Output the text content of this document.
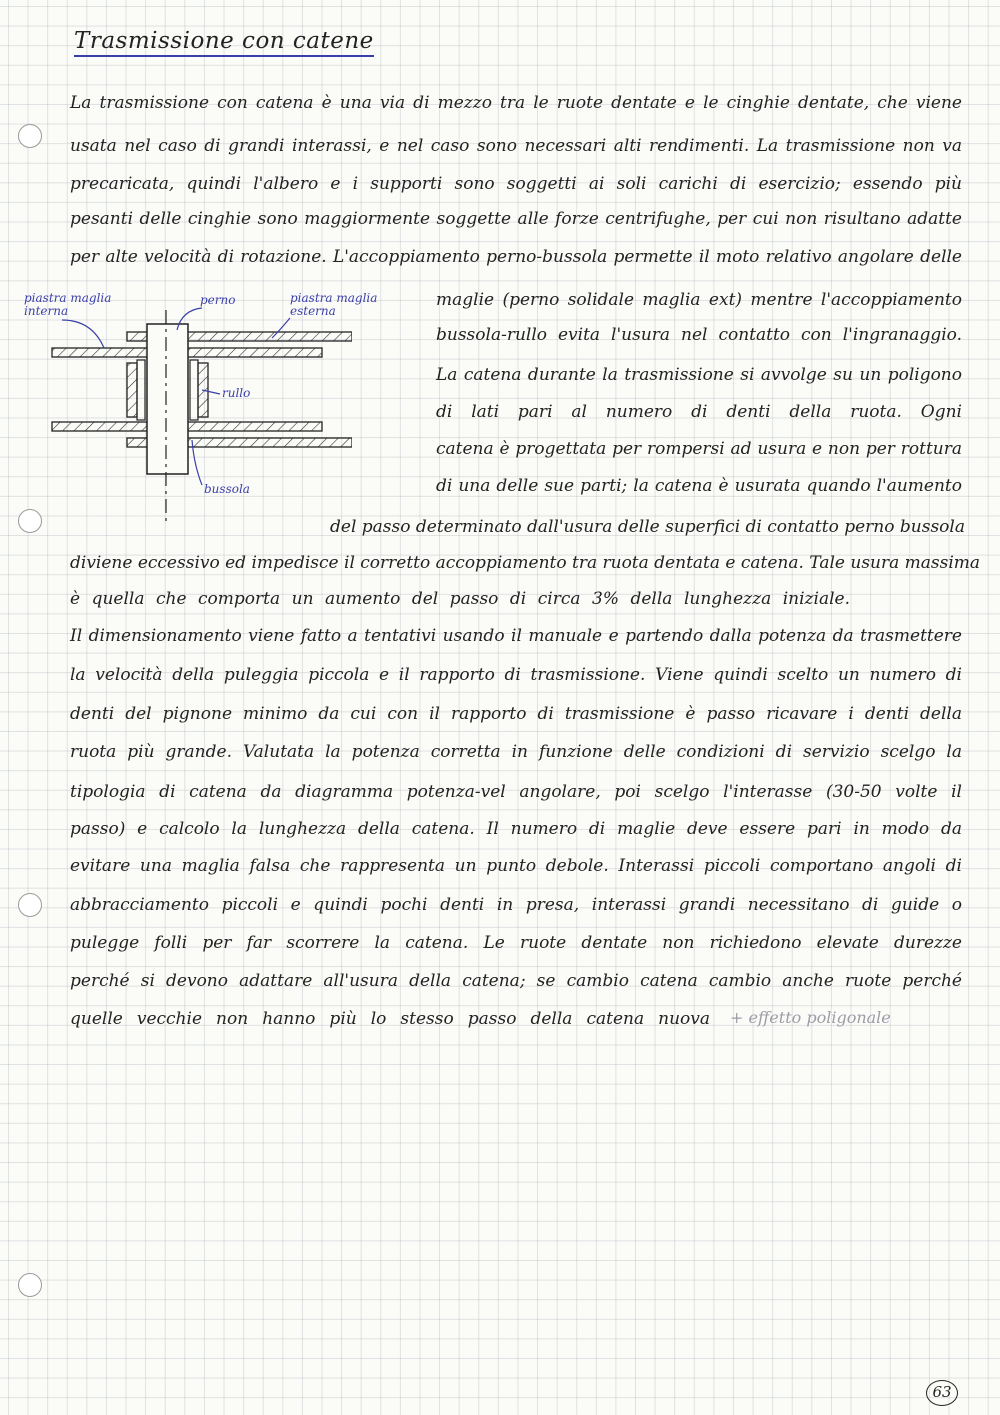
Trasmissione con catene
La trasmissione con catena è una via di mezzo tra le ruote dentate e le cinghie dentate, che viene
usata nel caso di grandi interassi, e nel caso sono necessari alti rendimenti. La trasmissione non va
precaricata, quindi l'albero e i supporti sono soggetti ai soli carichi di esercizio; essendo più
pesanti delle cinghie sono maggiormente soggette alle forze centrifughe, per cui non risultano adatte
per alte velocità di rotazione. L'accoppiamento perno-bussola permette il moto relativo angolare delle
piastra maglia
interna
perno	piastra maglia
esterna
rullo
bussola
maglie (perno solidale maglia ext) mentre l'accoppiamento
bussola-rullo evita l'usura nel contatto con l'ingranaggio.
La catena durante la trasmissione si avvolge su un poligono
di lati pari al numero di denti della ruota. Ogni
catena è progettata per rompersi ad usura e non per rottura
di una delle sue parti; la catena è usurata quando l'aumento
del passo determinato dall'usura delle superfici di contatto perno bussola
diviene eccessivo ed impedisce il corretto accoppiamento tra ruota dentata e catena. Tale usura massima
è quella che comporta un aumento del passo di circa 3% della lunghezza iniziale.
Il dimensionamento viene fatto a tentativi usando il manuale e partendo dalla potenza da trasmettere
la velocità della puleggia piccola e il rapporto di trasmissione. Viene quindi scelto un numero di
denti del pignone minimo da cui con il rapporto di trasmissione è passo ricavare i denti della
ruota più grande. Valutata la potenza corretta in funzione delle condizioni di servizio scelgo la
tipologia di catena da diagramma potenza-vel angolare, poi scelgo l'interasse (30-50 volte il
passo) e calcolo la lunghezza della catena. Il numero di maglie deve essere pari in modo da
evitare una maglia falsa che rappresenta un punto debole. Interassi piccoli comportano angoli di
abbracciamento piccoli e quindi pochi denti in presa, interassi grandi necessitano di guide o
pulegge folli per far scorrere la catena. Le ruote dentate non richiedono elevate durezze
perché si devono adattare all'usura della catena; se cambio catena cambio anche ruote perché
quelle vecchie non hanno più lo stesso passo della catena nuova + effetto poligonale
63
